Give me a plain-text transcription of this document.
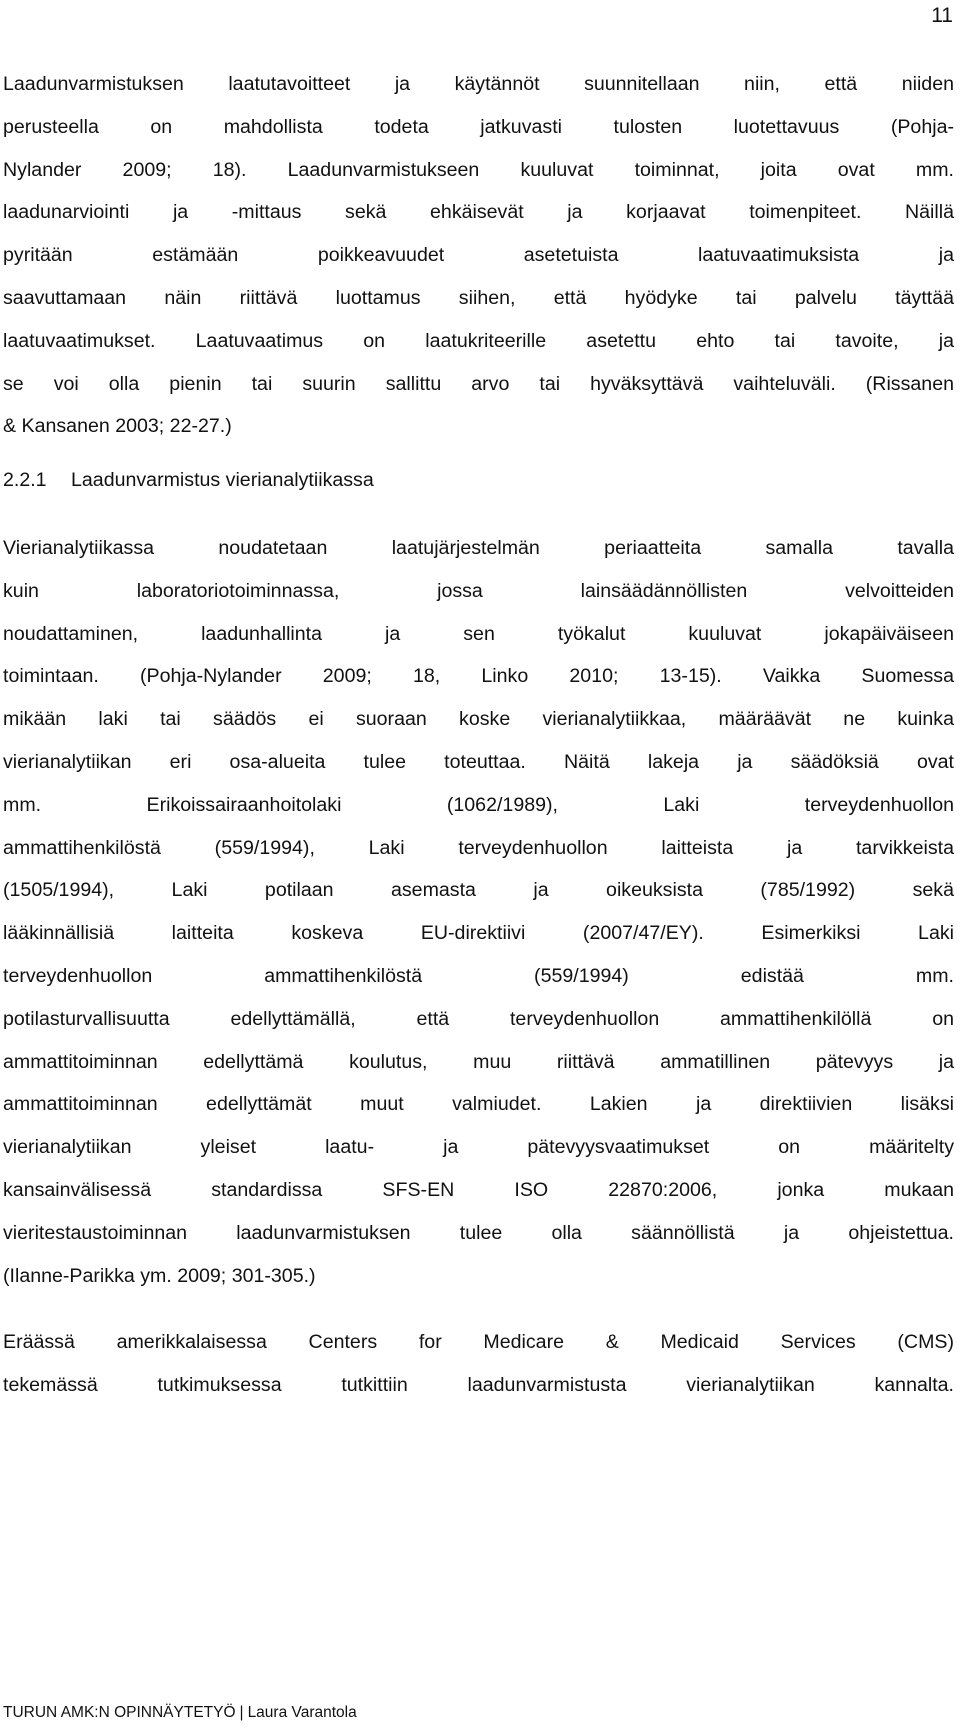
11

Laadunvarmistuksen laatutavoitteet ja käytännöt suunnitellaan niin, että niiden
perusteella on mahdollista todeta jatkuvasti tulosten luotettavuus (Pohja-
Nylander 2009; 18). Laadunvarmistukseen kuuluvat toiminnat, joita ovat mm.
laadunarviointi ja -mittaus sekä ehkäisevät ja korjaavat toimenpiteet. Näillä
pyritään estämään poikkeavuudet asetetuista laatuvaatimuksista ja
saavuttamaan näin riittävä luottamus siihen, että hyödyke tai palvelu täyttää
laatuvaatimukset. Laatuvaatimus on laatukriteerille asetettu ehto tai tavoite, ja
se voi olla pienin tai suurin sallittu arvo tai hyväksyttävä vaihteluväli. (Rissanen
& Kansanen 2003; 22-27.)

2.2.1 Laadunvarmistus vierianalytiikassa

Vierianalytiikassa noudatetaan laatujärjestelmän periaatteita samalla tavalla
kuin laboratoriotoiminnassa, jossa lainsäädännöllisten velvoitteiden
noudattaminen, laadunhallinta ja sen työkalut kuuluvat jokapäiväiseen
toimintaan. (Pohja-Nylander 2009; 18, Linko 2010; 13-15). Vaikka Suomessa
mikään laki tai säädös ei suoraan koske vierianalytiikkaa, määräävät ne kuinka
vierianalytiikan eri osa-alueita tulee toteuttaa. Näitä lakeja ja säädöksiä ovat
mm. Erikoissairaanhoitolaki (1062/1989), Laki terveydenhuollon
ammattihenkilöstä (559/1994), Laki terveydenhuollon laitteista ja tarvikkeista
(1505/1994), Laki potilaan asemasta ja oikeuksista (785/1992) sekä
lääkinnällisiä laitteita koskeva EU-direktiivi (2007/47/EY). Esimerkiksi Laki
terveydenhuollon ammattihenkilöstä (559/1994) edistää mm.
potilasturvallisuutta edellyttämällä, että terveydenhuollon ammattihenkilöllä on
ammattitoiminnan edellyttämä koulutus, muu riittävä ammatillinen pätevyys ja
ammattitoiminnan edellyttämät muut valmiudet. Lakien ja direktiivien lisäksi
vierianalytiikan yleiset laatu- ja pätevyysvaatimukset on määritelty
kansainvälisessä standardissa SFS-EN ISO 22870:2006, jonka mukaan
vieritestaustoiminnan laadunvarmistuksen tulee olla säännöllistä ja ohjeistettua.
(Ilanne-Parikka ym. 2009; 301-305.)

Eräässä amerikkalaisessa Centers for Medicare & Medicaid Services (CMS)
tekemässä tutkimuksessa tutkittiin laadunvarmistusta vierianalytiikan kannalta.

TURUN AMK:N OPINNÄYTETYÖ | Laura Varantola
